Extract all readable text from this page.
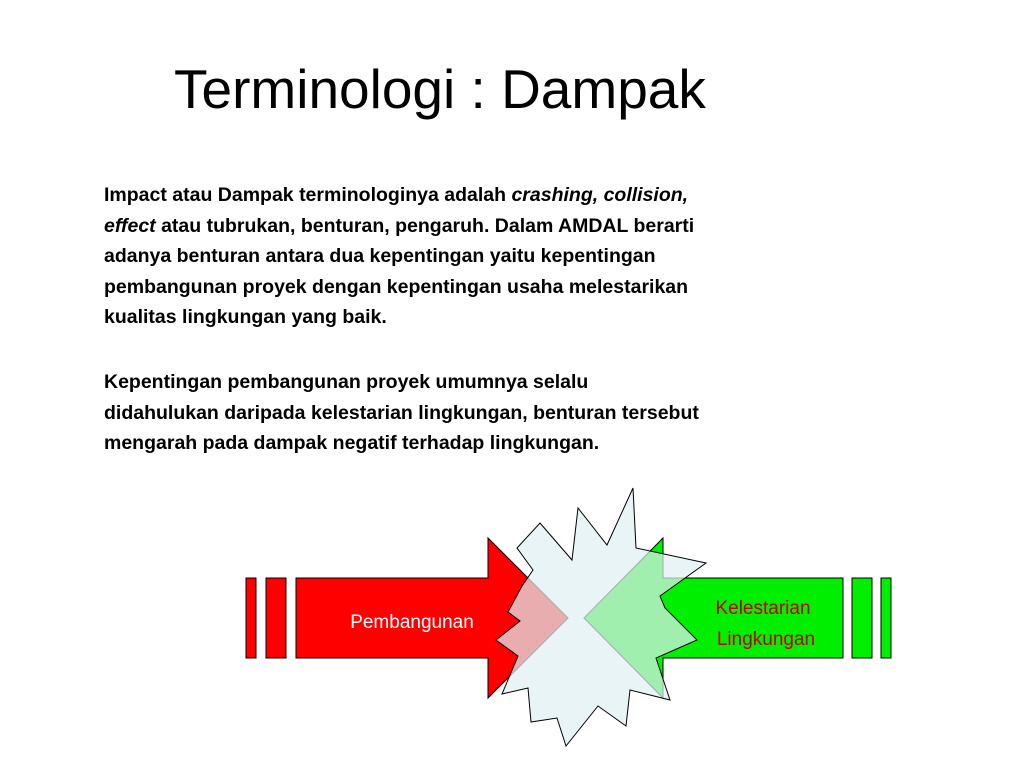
Terminologi : Dampak

Impact atau Dampak terminologinya adalah crashing, collision,
effect atau tubrukan, benturan, pengaruh. Dalam AMDAL berarti
adanya benturan antara dua kepentingan yaitu kepentingan
pembangunan proyek dengan kepentingan usaha melestarikan
kualitas lingkungan yang baik.

Kepentingan pembangunan proyek umumnya selalu
didahulukan daripada kelestarian lingkungan, benturan tersebut
mengarah pada dampak negatif terhadap lingkungan.

Pembangunan
Kelestarian
Lingkungan
